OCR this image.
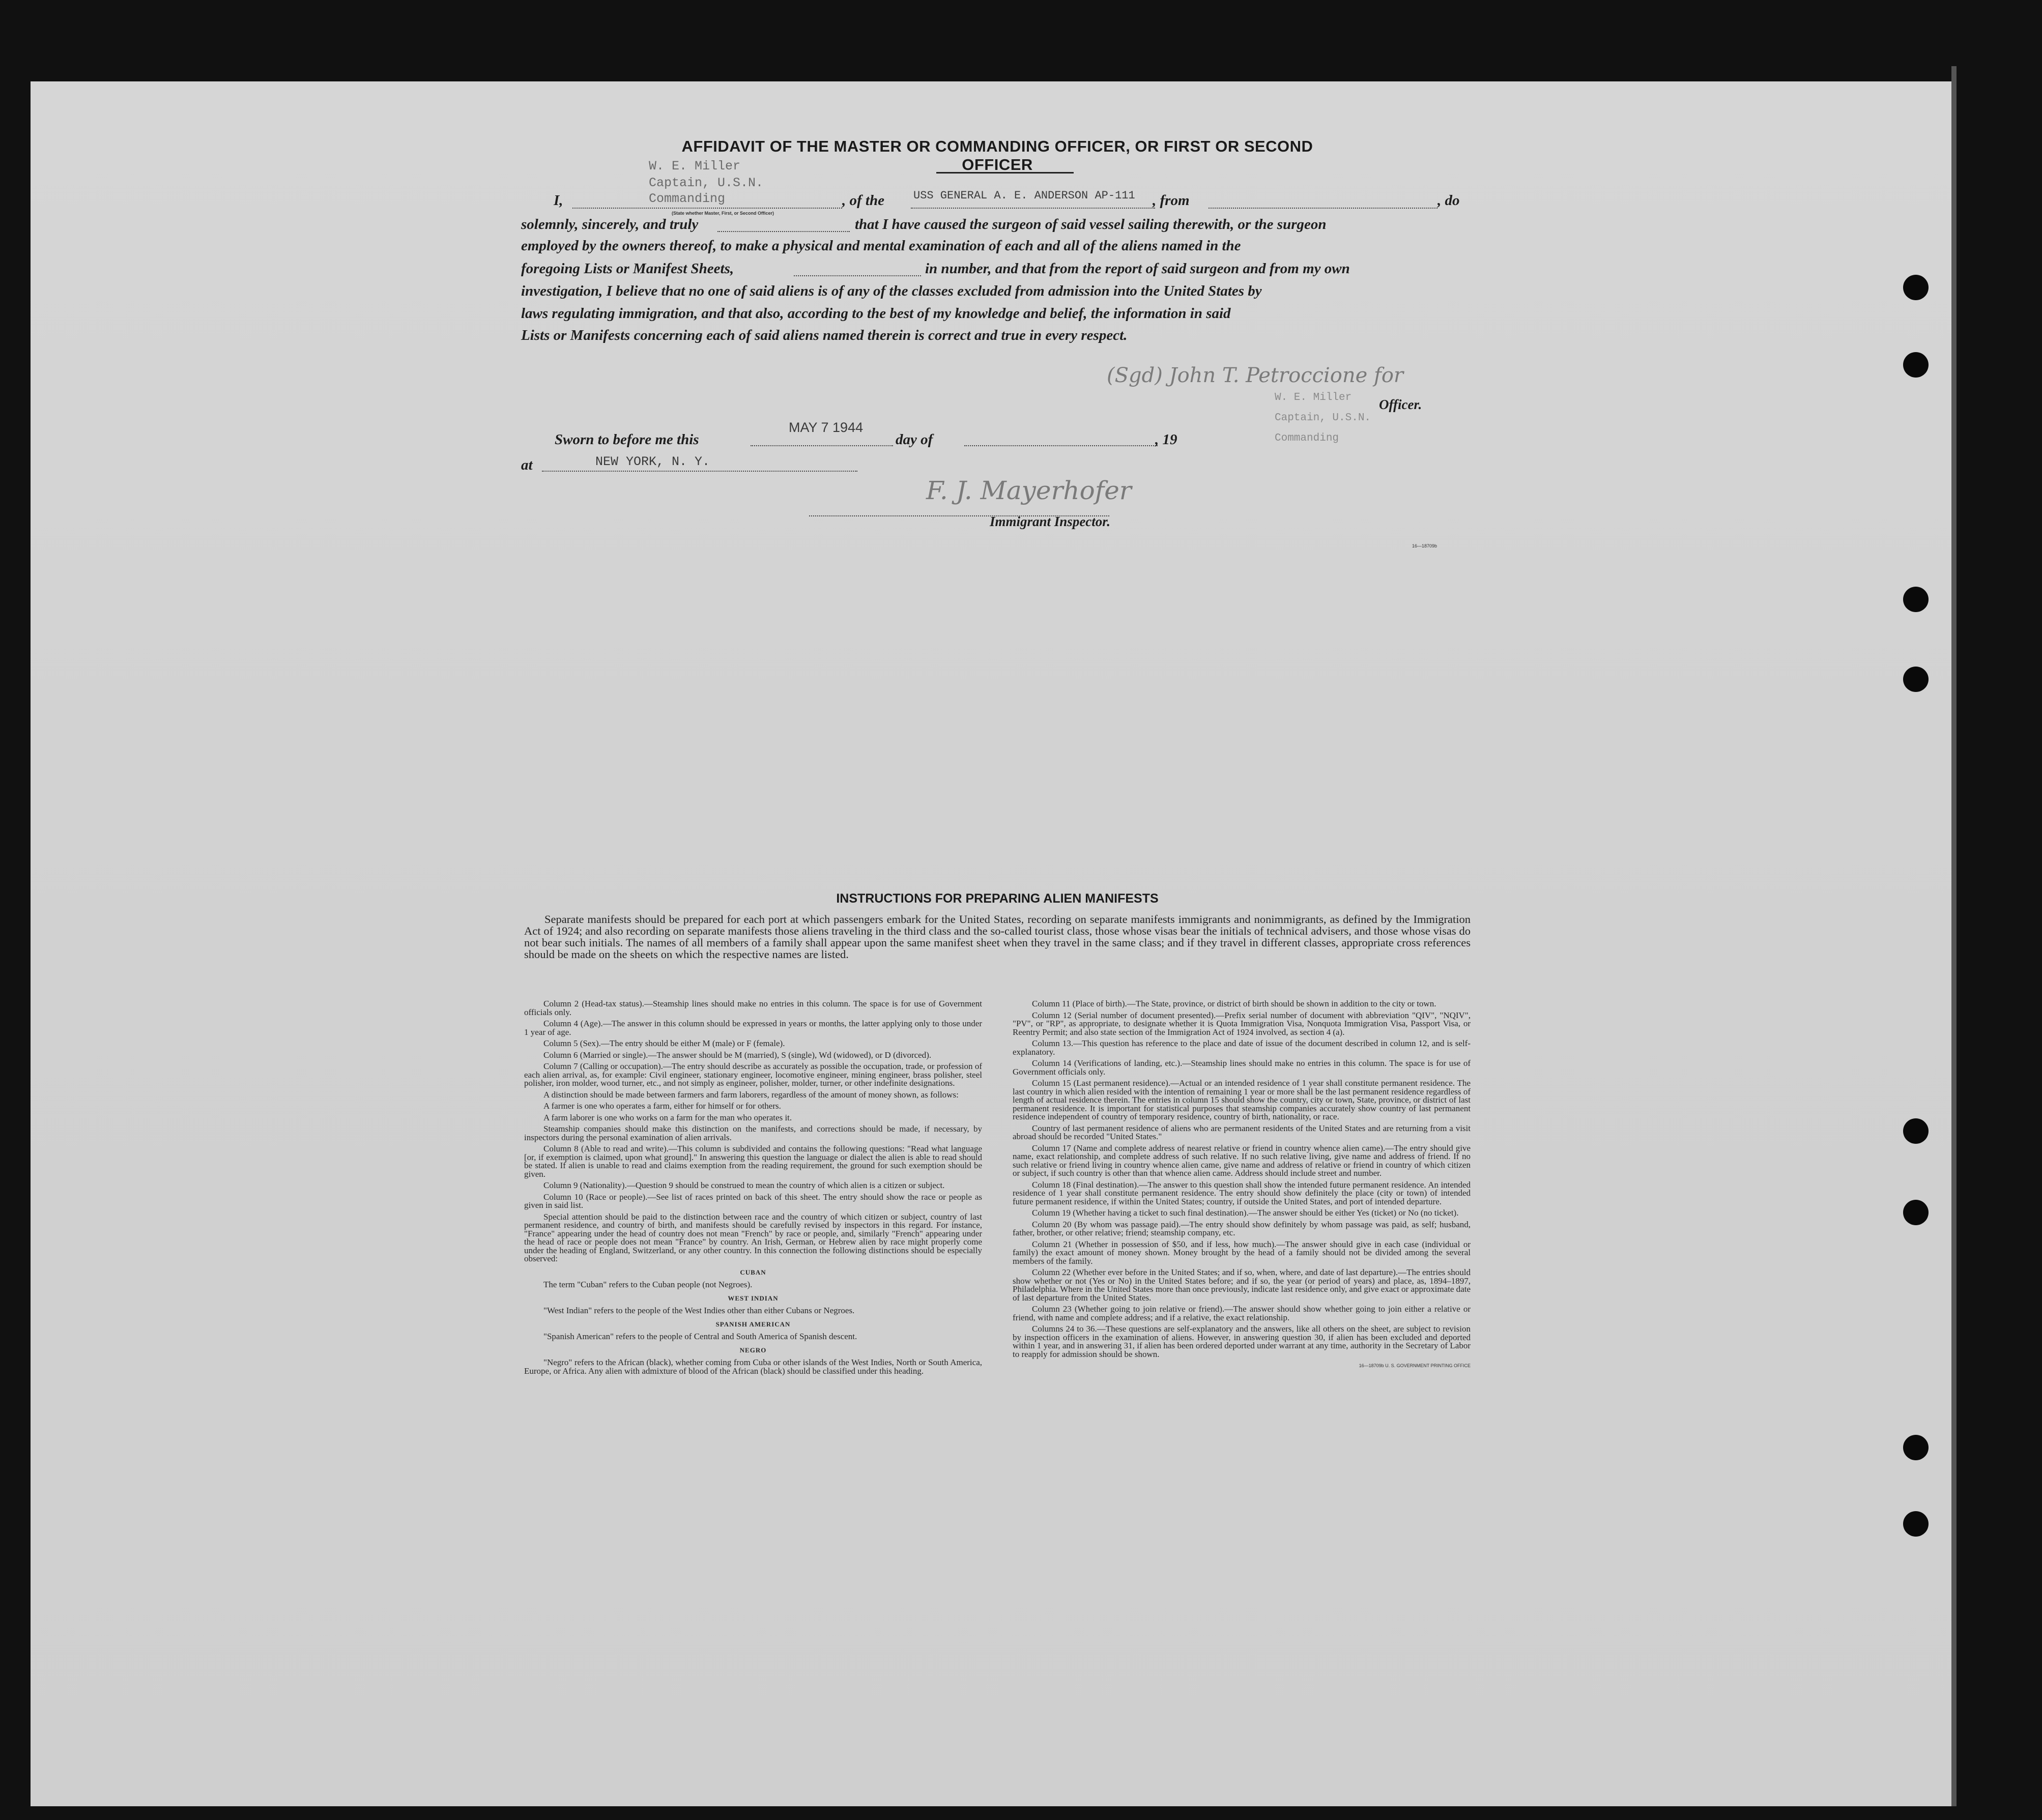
AFFIDAVIT OF THE MASTER OR COMMANDING OFFICER, OR FIRST OR SECOND OFFICER
W. E. Miller
Captain, U.S.N.
Commanding
(State whether Master, First, or Second Officer)
USS GENERAL A. E. ANDERSON AP-111
I,	, of the	, from	, do
solemnly, sincerely, and truly	that I have caused the surgeon of said vessel sailing therewith, or the surgeon
employed by the owners thereof, to make a physical and mental examination of each and all of the aliens named in the
foregoing Lists or Manifest Sheets,	in number, and that from the report of said surgeon and from my own
investigation, I believe that no one of said aliens is of any of the classes excluded from admission into the United States by
laws regulating immigration, and that also, according to the best of my knowledge and belief, the information in said
Lists or Manifests concerning each of said aliens named therein is correct and true in every respect.
(Sgd) John T. Petroccione for
W. E. Miller
Captain, U.S.N.
Commanding
Officer.
Sworn to before me this
MAY 7 1944
day of	, 19
at	NEW YORK, N. Y.
F. J. Mayerhofer
Immigrant Inspector.
16—18709b
INSTRUCTIONS FOR PREPARING ALIEN MANIFESTS
Separate manifests should be prepared for each port at which passengers embark for the United States, recording on separate manifests immigrants and nonimmigrants, as defined by the Immigration Act of 1924; and also recording on separate manifests those aliens traveling in the third class and the so-called tourist class, those whose visas bear the initials of technical advisers, and those whose visas do not bear such initials. The names of all members of a family shall appear upon the same manifest sheet when they travel in the same class; and if they travel in different classes, appropriate cross references should be made on the sheets on which the respective names are listed.

Column 2 (Head-tax status).—Steamship lines should make no entries in this column. The space is for use of Government officials only.

Column 4 (Age).—The answer in this column should be expressed in years or months, the latter applying only to those under 1 year of age.

Column 5 (Sex).—The entry should be either M (male) or F (female).

Column 6 (Married or single).—The answer should be M (married), S (single), Wd (widowed), or D (divorced).

Column 7 (Calling or occupation).—The entry should describe as accurately as possible the occupation, trade, or profession of each alien arrival, as, for example: Civil engineer, stationary engineer, locomotive engineer, mining engineer, brass polisher, steel polisher, iron molder, wood turner, etc., and not simply as engineer, polisher, molder, turner, or other indefinite designations.

A distinction should be made between farmers and farm laborers, regardless of the amount of money shown, as follows:

A farmer is one who operates a farm, either for himself or for others.

A farm laborer is one who works on a farm for the man who operates it.

Steamship companies should make this distinction on the manifests, and corrections should be made, if necessary, by inspectors during the personal examination of alien arrivals.

Column 8 (Able to read and write).—This column is subdivided and contains the following questions: "Read what language [or, if exemption is claimed, upon what ground]." In answering this question the language or dialect the alien is able to read should be stated. If alien is unable to read and claims exemption from the reading requirement, the ground for such exemption should be given.

Column 9 (Nationality).—Question 9 should be construed to mean the country of which alien is a citizen or subject.

Column 10 (Race or people).—See list of races printed on back of this sheet. The entry should show the race or people as given in said list.

Special attention should be paid to the distinction between race and the country of which citizen or subject, country of last permanent residence, and country of birth, and manifests should be carefully revised by inspectors in this regard. For instance, "France" appearing under the head of country does not mean "French" by race or people, and, similarly "French" appearing under the head of race or people does not mean "France" by country. An Irish, German, or Hebrew alien by race might properly come under the heading of England, Switzerland, or any other country. In this connection the following distinctions should be especially observed:

CUBAN

The term "Cuban" refers to the Cuban people (not Negroes).

WEST INDIAN

"West Indian" refers to the people of the West Indies other than either Cubans or Negroes.

SPANISH AMERICAN

"Spanish American" refers to the people of Central and South America of Spanish descent.

NEGRO

"Negro" refers to the African (black), whether coming from Cuba or other islands of the West Indies, North or South America, Europe, or Africa. Any alien with admixture of blood of the African (black) should be classified under this heading.

Column 11 (Place of birth).—The State, province, or district of birth should be shown in addition to the city or town.

Column 12 (Serial number of document presented).—Prefix serial number of document with abbreviation "QIV", "NQIV", "PV", or "RP", as appropriate, to designate whether it is Quota Immigration Visa, Nonquota Immigration Visa, Passport Visa, or Reentry Permit; and also state section of the Immigration Act of 1924 involved, as section 4 (a).

Column 13.—This question has reference to the place and date of issue of the document described in column 12, and is self-explanatory.

Column 14 (Verifications of landing, etc.).—Steamship lines should make no entries in this column. The space is for use of Government officials only.

Column 15 (Last permanent residence).—Actual or an intended residence of 1 year shall constitute permanent residence. The last country in which alien resided with the intention of remaining 1 year or more shall be the last permanent residence regardless of length of actual residence therein. The entries in column 15 should show the country, city or town, State, province, or district of last permanent residence. It is important for statistical purposes that steamship companies accurately show country of last permanent residence independent of country of temporary residence, country of birth, nationality, or race.

Country of last permanent residence of aliens who are permanent residents of the United States and are returning from a visit abroad should be recorded "United States."

Column 17 (Name and complete address of nearest relative or friend in country whence alien came).—The entry should give name, exact relationship, and complete address of such relative. If no such relative living, give name and address of friend. If no such relative or friend living in country whence alien came, give name and address of relative or friend in country of which citizen or subject, if such country is other than that whence alien came. Address should include street and number.

Column 18 (Final destination).—The answer to this question shall show the intended future permanent residence. An intended residence of 1 year shall constitute permanent residence. The entry should show definitely the place (city or town) of intended future permanent residence, if within the United States; country, if outside the United States, and port of intended departure.

Column 19 (Whether having a ticket to such final destination).—The answer should be either Yes (ticket) or No (no ticket).

Column 20 (By whom was passage paid).—The entry should show definitely by whom passage was paid, as self; husband, father, brother, or other relative; friend; steamship company, etc.

Column 21 (Whether in possession of $50, and if less, how much).—The answer should give in each case (individual or family) the exact amount of money shown. Money brought by the head of a family should not be divided among the several members of the family.

Column 22 (Whether ever before in the United States; and if so, when, where, and date of last departure).—The entries should show whether or not (Yes or No) in the United States before; and if so, the year (or period of years) and place, as, 1894–1897, Philadelphia. Where in the United States more than once previously, indicate last residence only, and give exact or approximate date of last departure from the United States.

Column 23 (Whether going to join relative or friend).—The answer should show whether going to join either a relative or friend, with name and complete address; and if a relative, the exact relationship.

Columns 24 to 36.—These questions are self-explanatory and the answers, like all others on the sheet, are subject to revision by inspection officers in the examination of aliens. However, in answering question 30, if alien has been excluded and deported within 1 year, and in answering 31, if alien has been ordered deported under warrant at any time, authority in the Secretary of Labor to reapply for admission should be shown.

16—18709b U. S. GOVERNMENT PRINTING OFFICE
